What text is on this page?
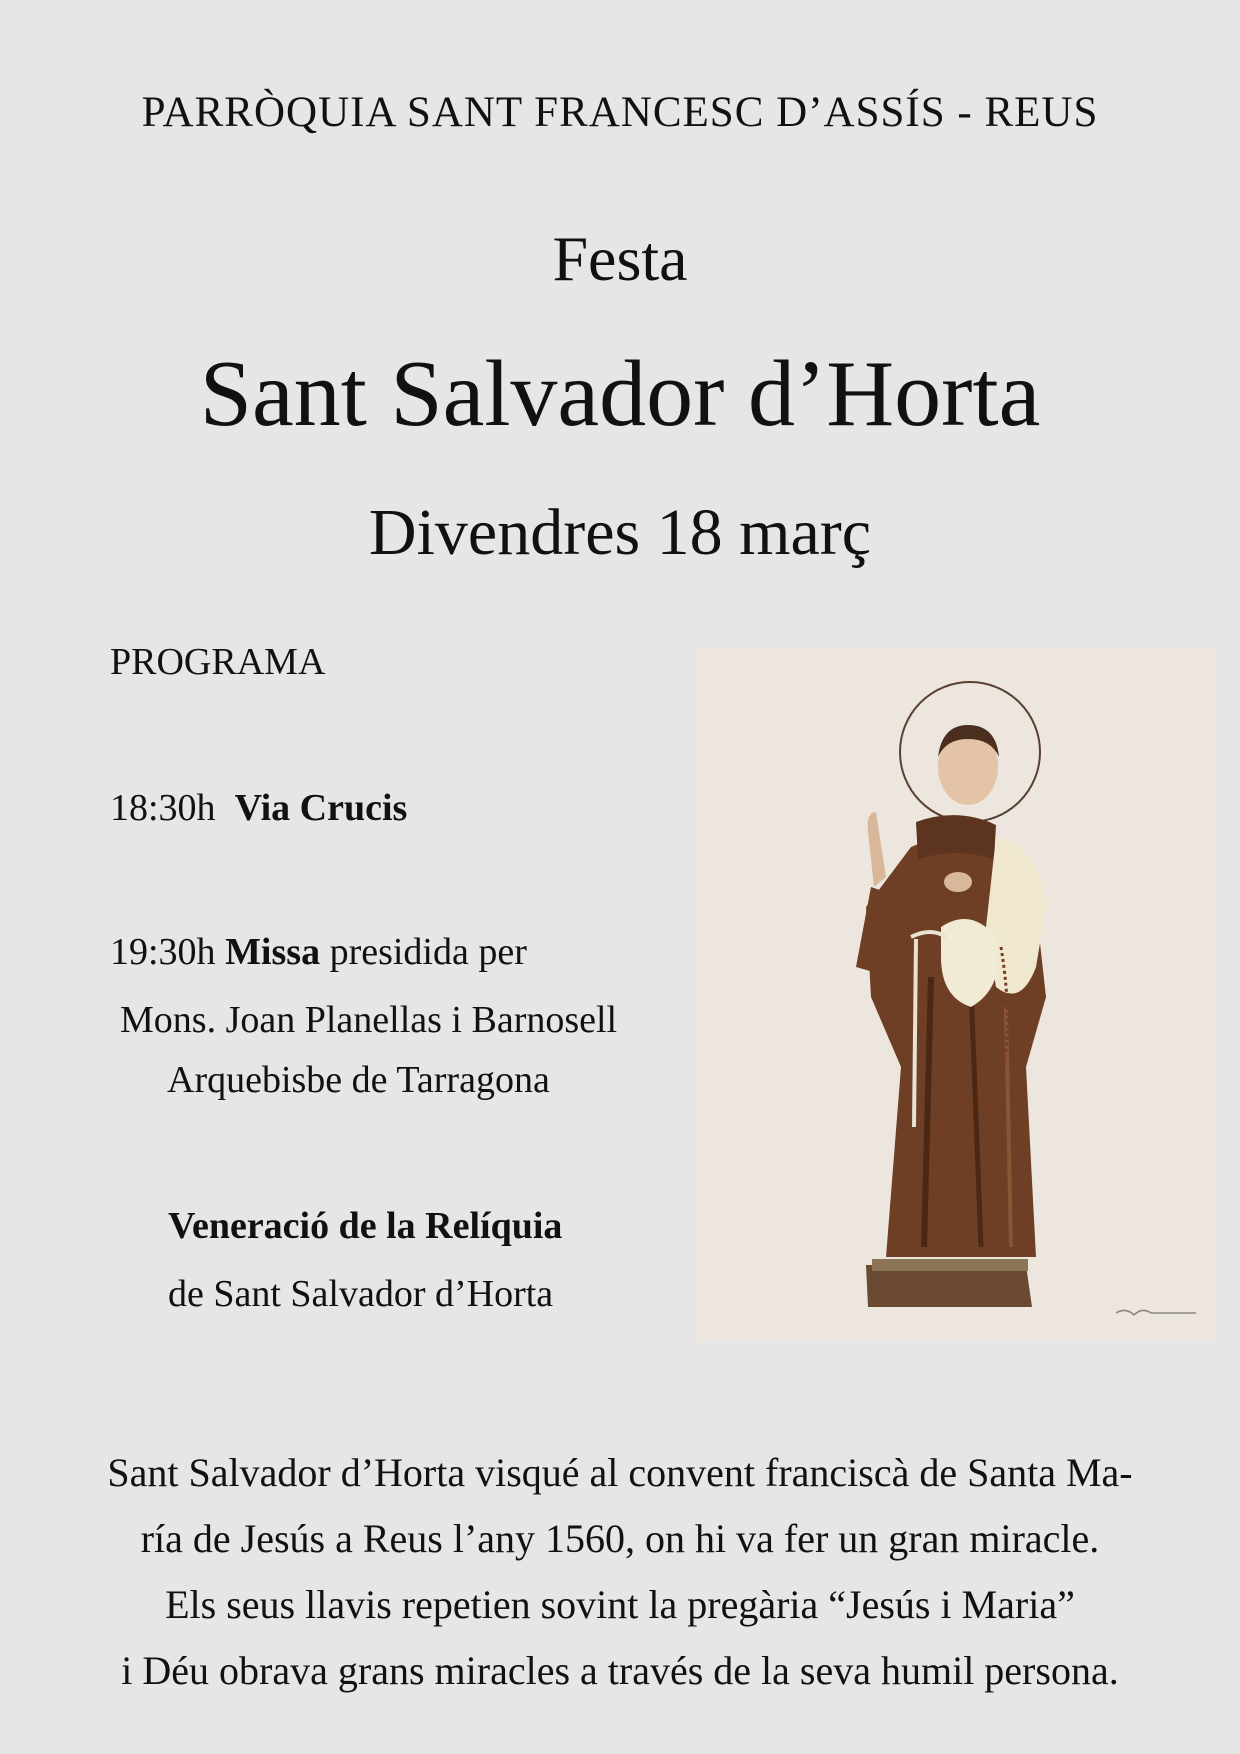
PARRÒQUIA SANT FRANCESC D’ASSÍS - REUS
Festa
Sant Salvador d’Horta
Divendres 18 març
PROGRAMA
18:30h Via Crucis
19:30h Missa presidida per
Mons. Joan Planellas i Barnosell
Arquebisbe de Tarragona
Veneració de la Relíquia
de Sant Salvador d’Horta
Sant Salvador d’Horta visqué al convent franciscà de Santa Ma-
ría de Jesús a Reus l’any 1560, on hi va fer un gran miracle.
Els seus llavis repetien sovint la pregària “Jesús i Maria”
i Déu obrava grans miracles a través de la seva humil persona.
